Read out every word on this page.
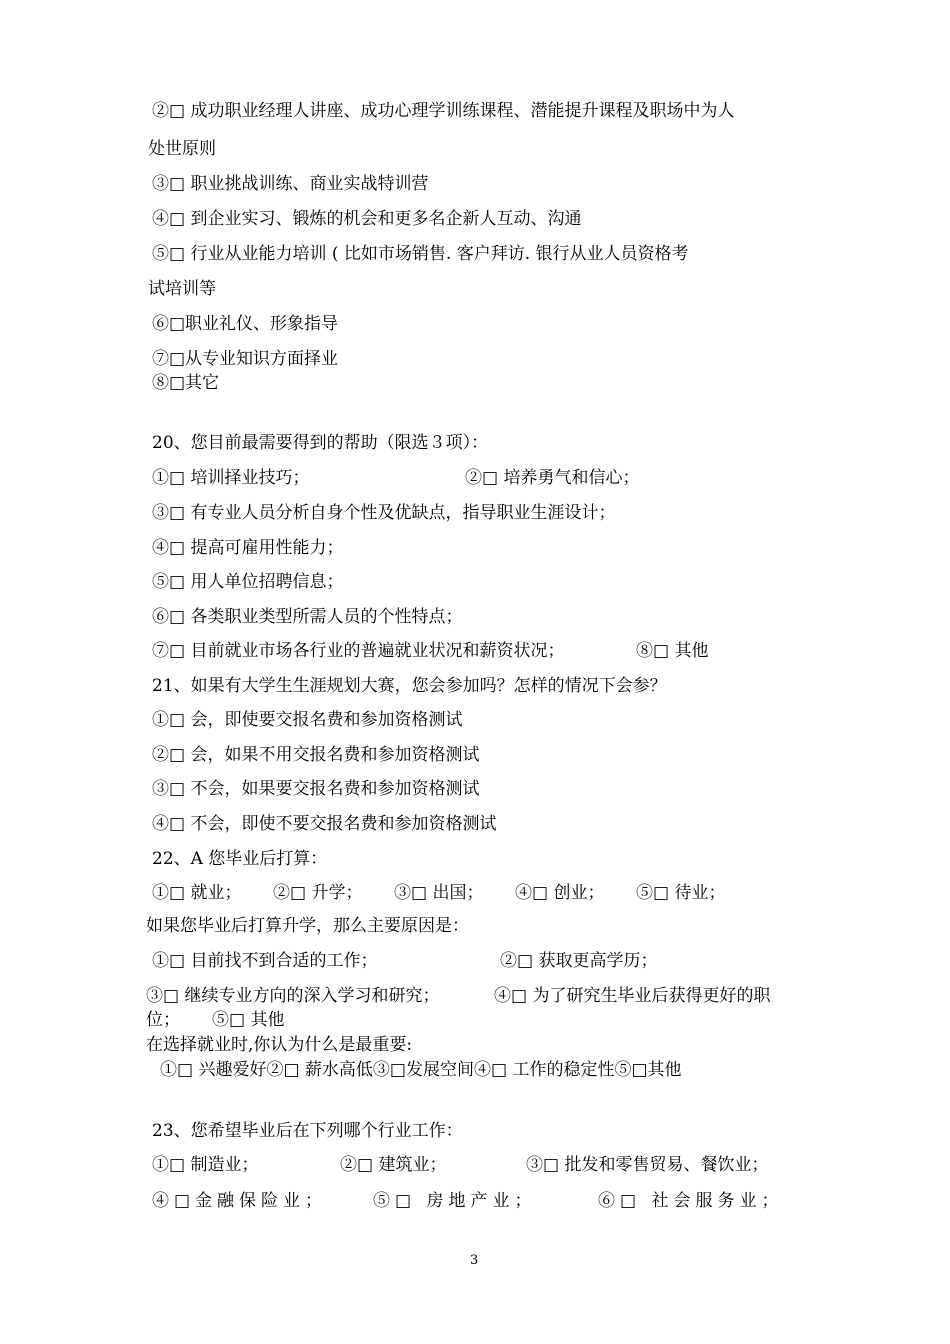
②□ 成功职业经理人讲座、成功心理学训练课程、潜能提升课程及职场中为人
处世原则
③□ 职业挑战训练、商业实战特训营
④□ 到企业实习、锻炼的机会和更多名企新人互动、沟通
⑤□ 行业从业能力培训 ( 比如市场销售. 客户拜访. 银行从业人员资格考
试培训等
⑥□职业礼仪、形象指导
⑦□从专业知识方面择业
⑧□其它
20、您目前最需要得到的帮助（限选３项）：
①□ 培训择业技巧；	②□ 培养勇气和信心；
③□ 有专业人员分析自身个性及优缺点，指导职业生涯设计；
④□ 提高可雇用性能力；
⑤□ 用人单位招聘信息；
⑥□ 各类职业类型所需人员的个性特点；
⑦□ 目前就业市场各行业的普遍就业状况和薪资状况；	⑧□ 其他
21、如果有大学生生涯规划大赛，您会参加吗？怎样的情况下会参？
①□ 会，即使要交报名费和参加资格测试
②□ 会，如果不用交报名费和参加资格测试
③□ 不会，如果要交报名费和参加资格测试
④□ 不会，即使不要交报名费和参加资格测试
22、A 您毕业后打算：
①□ 就业； ②□ 升学； ③□ 出国； ④□ 创业； ⑤□ 待业；
如果您毕业后打算升学，那么主要原因是：
①□ 目前找不到合适的工作；	②□ 获取更高学历；
③□ 继续专业方向的深入学习和研究；	④□ 为了研究生毕业后获得更好的职
位； ⑤□ 其他
在选择就业时,你认为什么是最重要:
①□ 兴趣爱好②□ 薪水高低③□发展空间④□ 工作的稳定性⑤□其他
23、您希望毕业后在下列哪个行业工作：
①□ 制造业；	②□ 建筑业；	③□ 批发和零售贸易、餐饮业；
④□金融保险业；	⑤□ 房地产业；	⑥□ 社会服务业；
3
